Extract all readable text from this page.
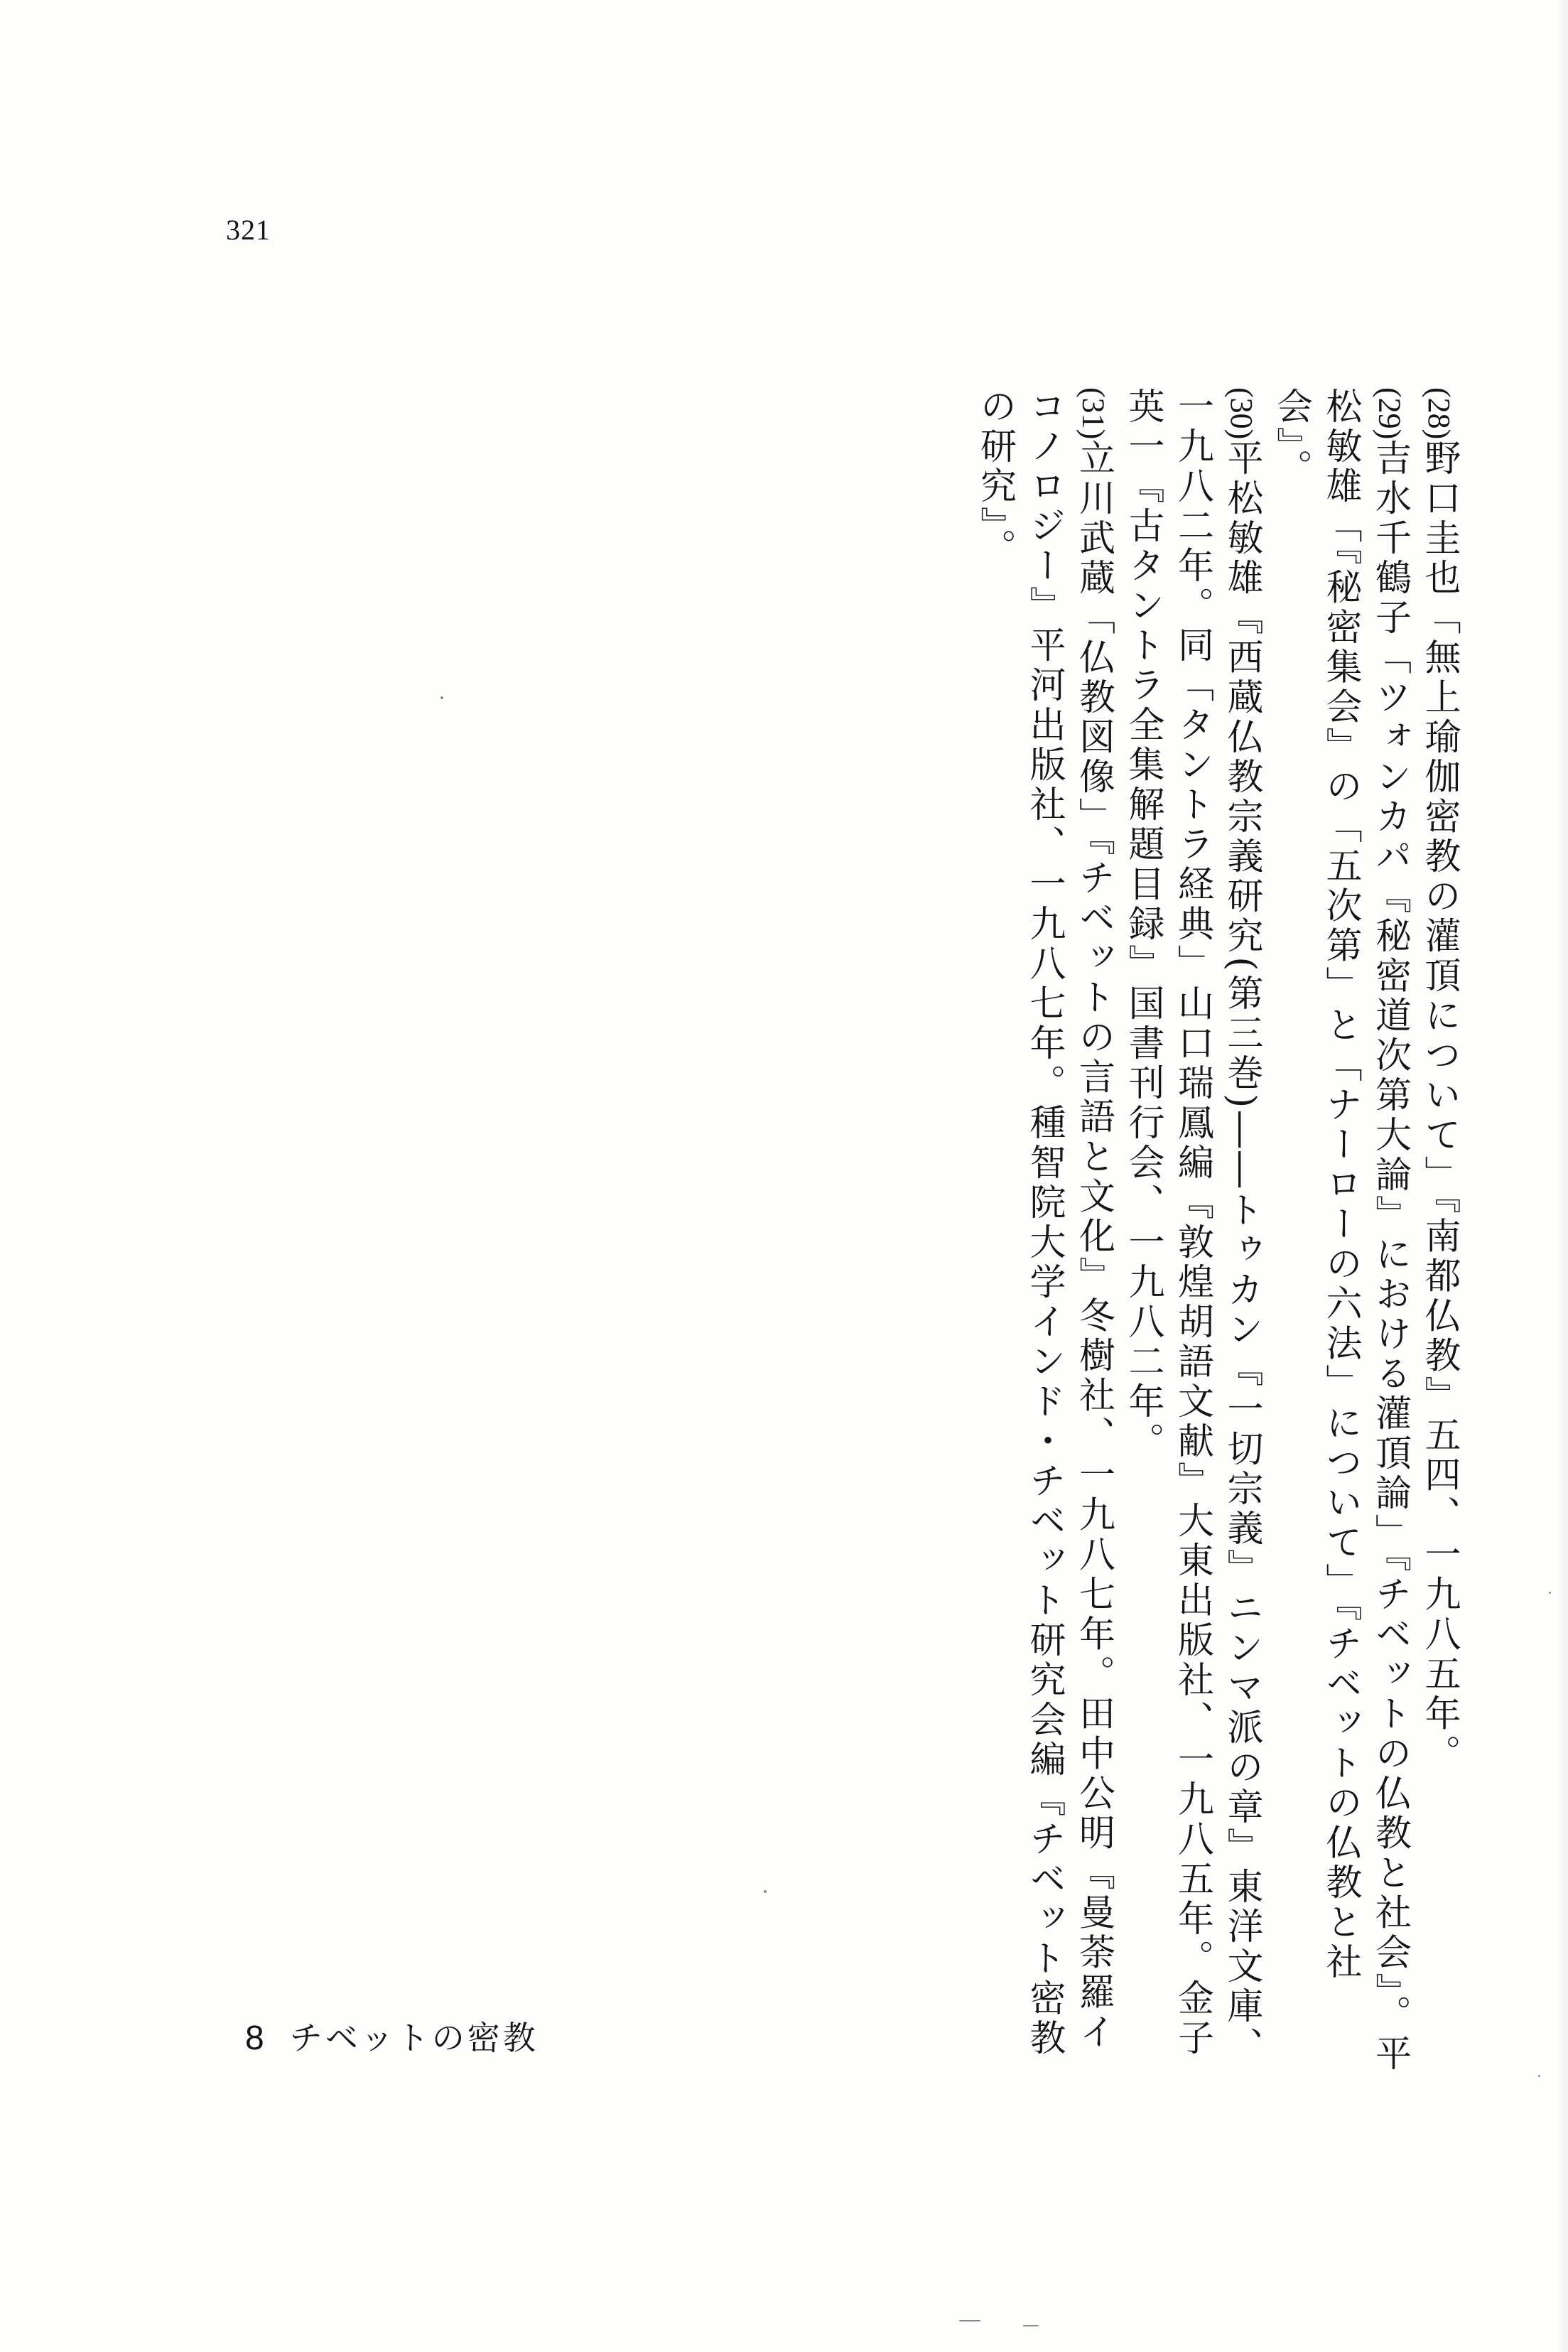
321

(28)野口圭也「無上瑜伽密教の灌頂について」『南都仏教』五四、一九八五年。

(29)吉水千鶴子「ツォンカパ『秘密道次第大論』における灌頂論」『チベットの仏教と社会』。平松敏雄「『秘密集会』の「五次第」と「ナーローの六法」について」『チベットの仏教と社会』。

(30)平松敏雄『西蔵仏教宗義研究(第三巻)――トゥカン『一切宗義』ニンマ派の章』東洋文庫、一九八二年。同「タントラ経典」山口瑞鳳編『敦煌胡語文献』大東出版社、一九八五年。金子英一『古タントラ全集解題目録』国書刊行会、一九八二年。

(31)立川武蔵「仏教図像」『チベットの言語と文化』冬樹社、一九八七年。田中公明『曼荼羅イコノロジー』平河出版社、一九八七年。種智院大学インド・チベット研究会編『チベット密教の研究』。

8 チベットの密教
